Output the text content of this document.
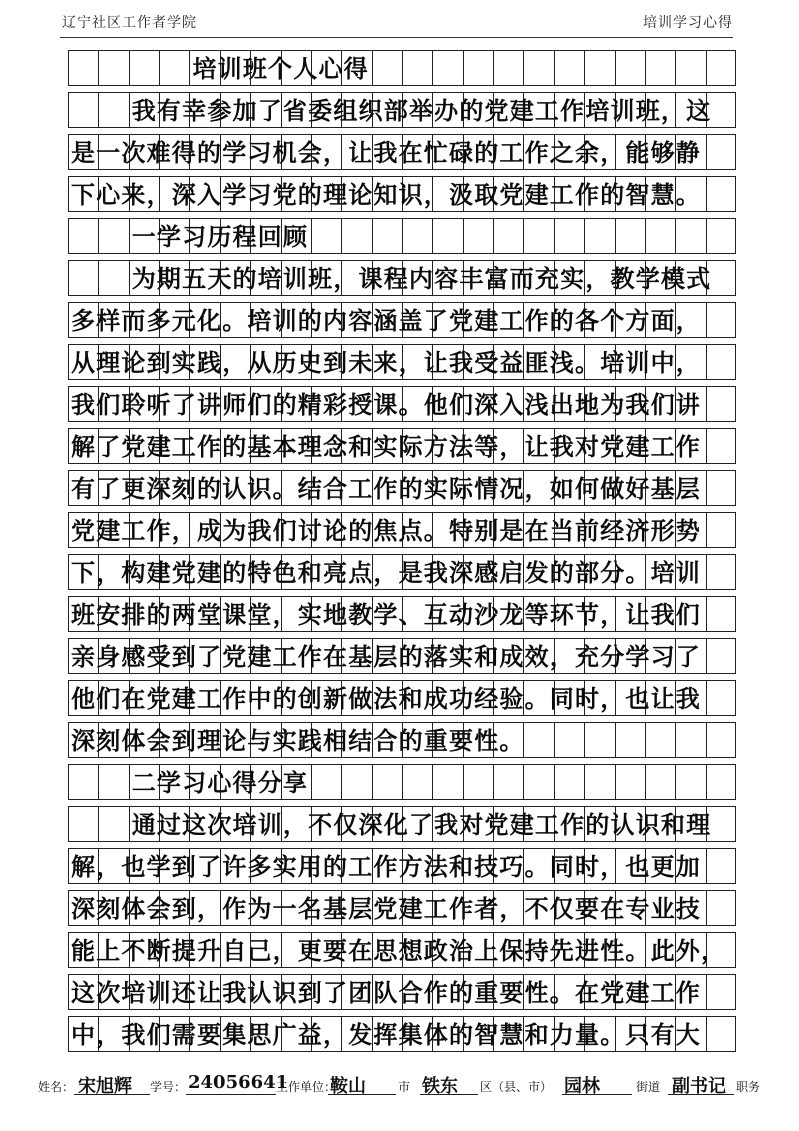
辽宁社区工作者学院	培训学习心得
培训班个人心得
我有幸参加了省委组织部举办的党建工作培训班，这
是一次难得的学习机会，让我在忙碌的工作之余，能够静
下心来，深入学习党的理论知识，汲取党建工作的智慧。
一学习历程回顾
为期五天的培训班，课程内容丰富而充实，教学模式
多样而多元化。培训的内容涵盖了党建工作的各个方面，
从理论到实践，从历史到未来，让我受益匪浅。培训中，
我们聆听了讲师们的精彩授课。他们深入浅出地为我们讲
解了党建工作的基本理念和实际方法等，让我对党建工作
有了更深刻的认识。结合工作的实际情况，如何做好基层
党建工作，成为我们讨论的焦点。特别是在当前经济形势
下，构建党建的特色和亮点，是我深感启发的部分。培训
班安排的两堂课堂，实地教学、互动沙龙等环节，让我们
亲身感受到了党建工作在基层的落实和成效，充分学习了
他们在党建工作中的创新做法和成功经验。同时，也让我
深刻体会到理论与实践相结合的重要性。
二学习心得分享
通过这次培训，不仅深化了我对党建工作的认识和理
解，也学到了许多实用的工作方法和技巧。同时，也更加
深刻体会到，作为一名基层党建工作者，不仅要在专业技
能上不断提升自己，更要在思想政治上保持先进性。此外，
这次培训还让我认识到了团队合作的重要性。在党建工作
中，我们需要集思广益，发挥集体的智慧和力量。只有大
姓名： 宋旭辉 学号： 24056641
工作单位：
鞍山	市 铁东 区（县、市） 园林	街道 副书记 职务
